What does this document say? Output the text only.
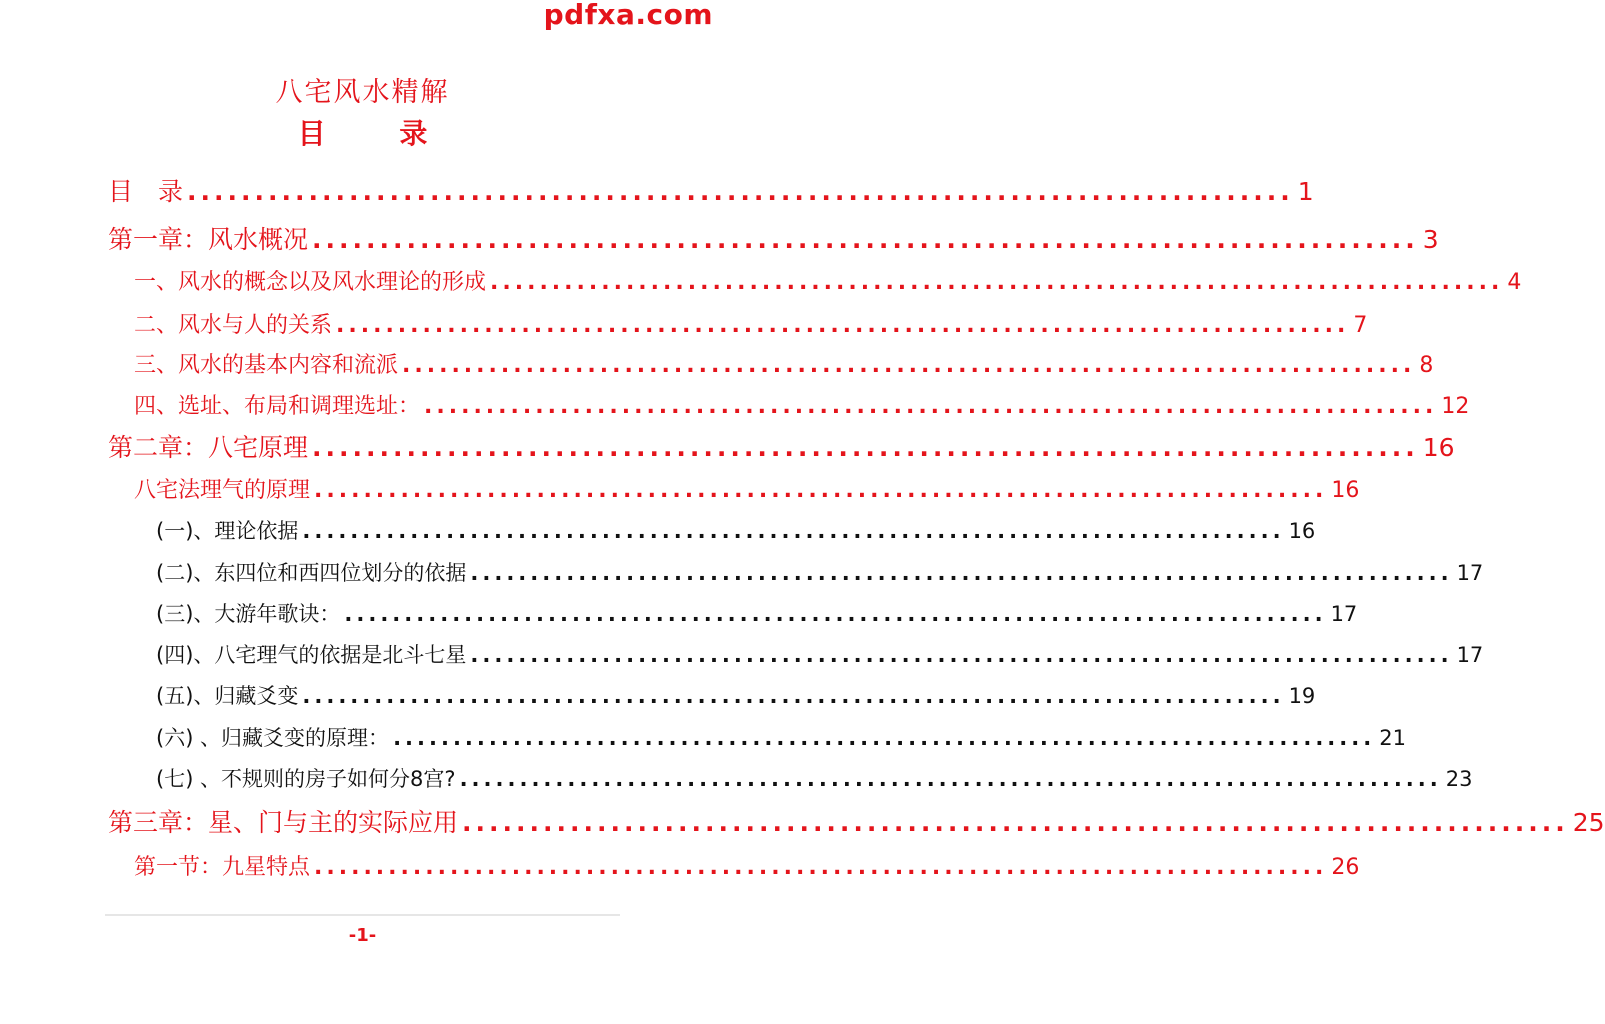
pdfxa.com
八宅风水精解
目 录
目　录 .................................................................................. 1
第一章：风水概况 .................................................................................. 3
一、风水的概念以及风水理论的形成 .................................................................................. 4
二、风水与人的关系 .................................................................................. 7
三、风水的基本内容和流派 .................................................................................. 8
四、选址、布局和调理选址： .................................................................................. 12
第二章：八宅原理 .................................................................................. 16
八宅法理气的原理 .................................................................................. 16
(一)、理论依据 .................................................................................. 16
(二)、东四位和西四位划分的依据 .................................................................................. 17
(三)、大游年歌诀： .................................................................................. 17
(四)、八宅理气的依据是北斗七星 .................................................................................. 17
(五)、归藏爻变 .................................................................................. 19
(六) 、归藏爻变的原理： .................................................................................. 21
(七) 、不规则的房子如何分8宫? .................................................................................. 23
第三章：星、门与主的实际应用 .................................................................................. 25
第一节：九星特点 .................................................................................. 26
-1-
